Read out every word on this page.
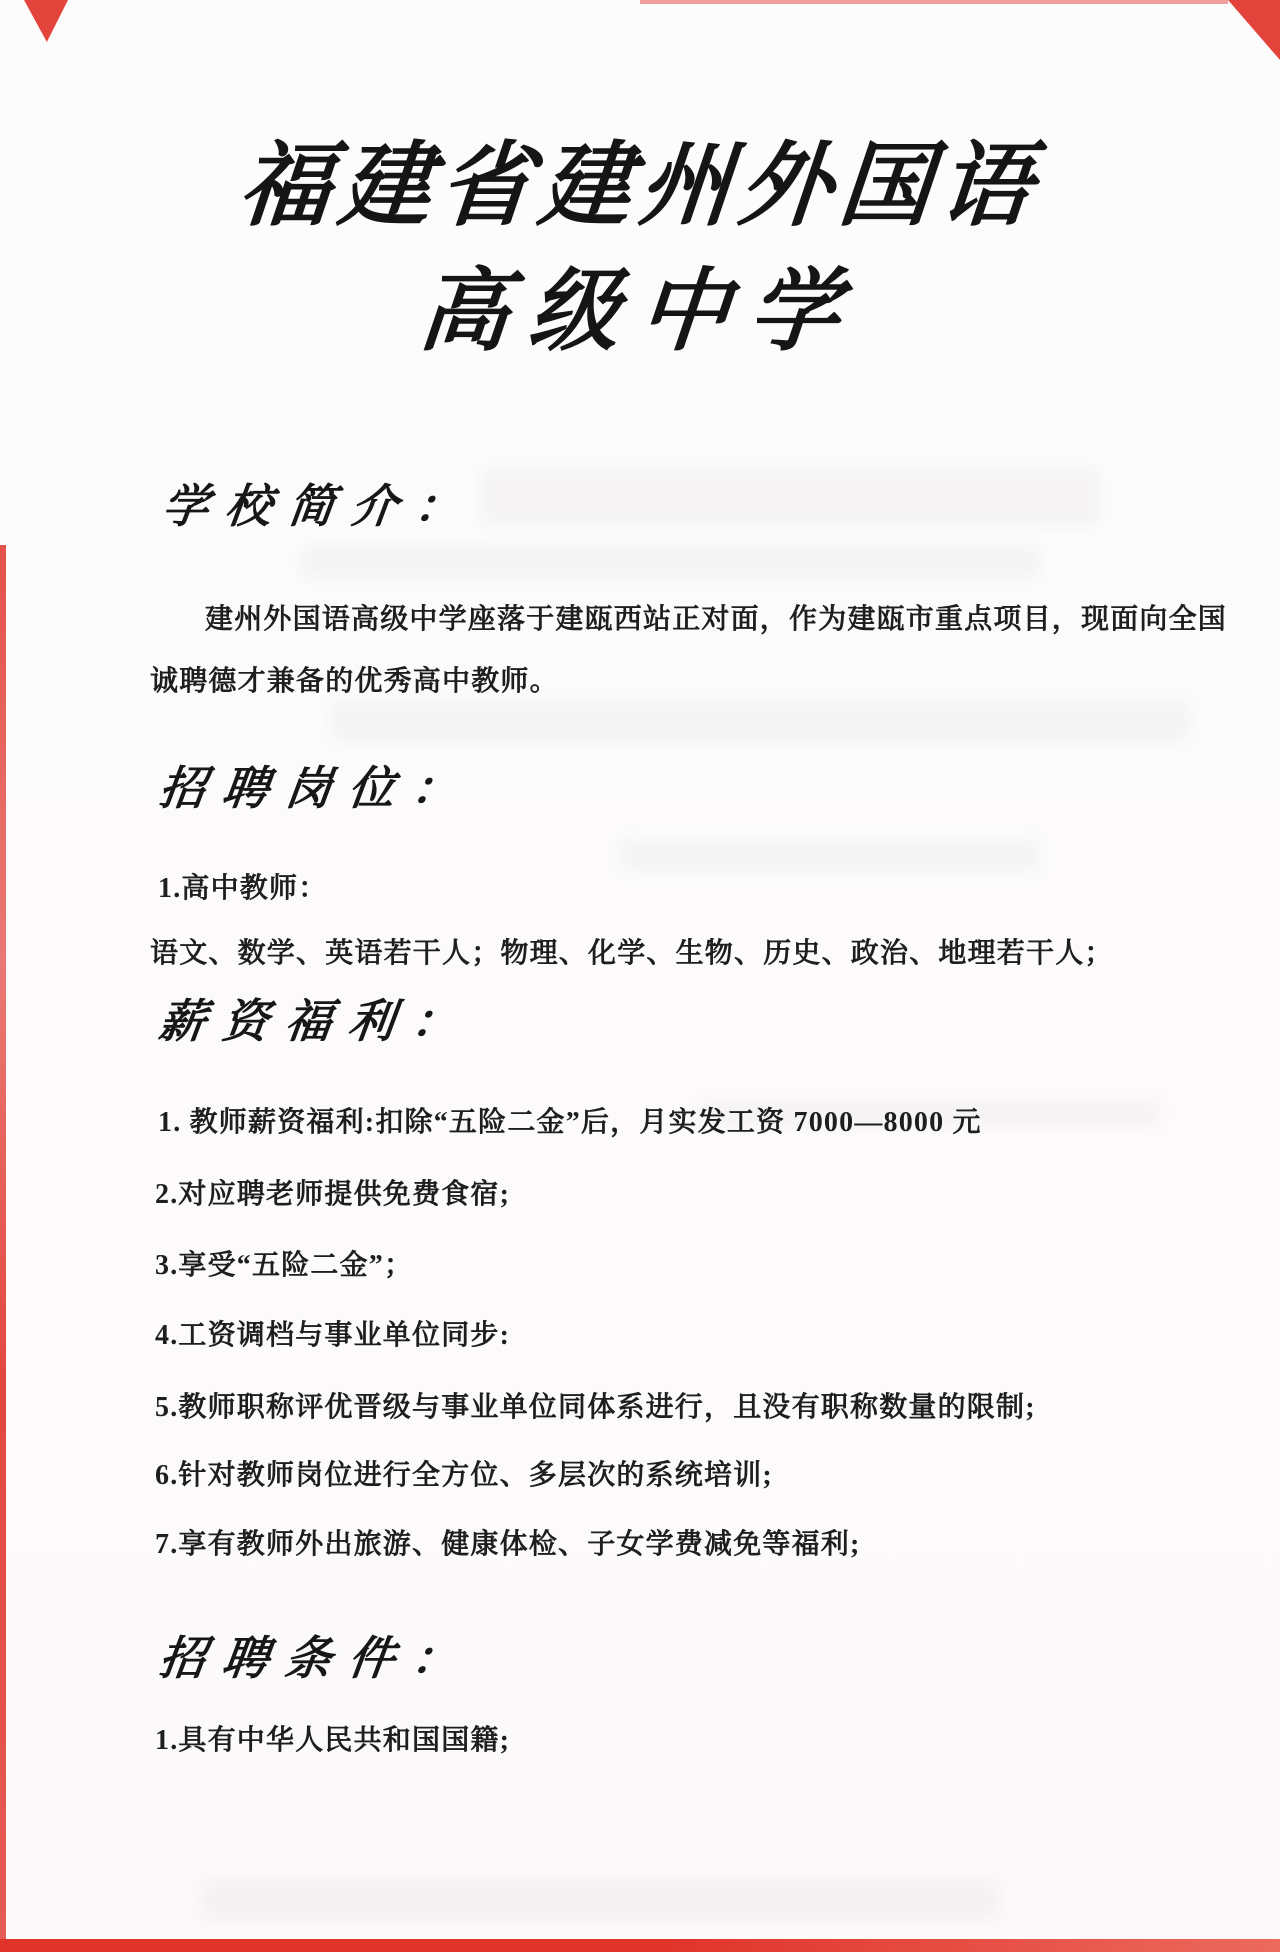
福建省建州外国语
高级中学
学校简介：
建州外国语高级中学座落于建瓯西站正对面，作为建瓯市重点项目，现面向全国
诚聘德才兼备的优秀高中教师。
招聘岗位：
1.高中教师：
语文、数学、英语若干人；物理、化学、生物、历史、政治、地理若干人；
薪资福利：
1. 教师薪资福利:扣除“五险二金”后，月实发工资 7000—8000 元
2.对应聘老师提供免费食宿;
3.享受“五险二金”；
4.工资调档与事业单位同步:
5.教师职称评优晋级与事业单位同体系进行，且没有职称数量的限制;
6.针对教师岗位进行全方位、多层次的系统培训;
7.享有教师外出旅游、健康体检、子女学费减免等福利;
招聘条件：
1.具有中华人民共和国国籍;
